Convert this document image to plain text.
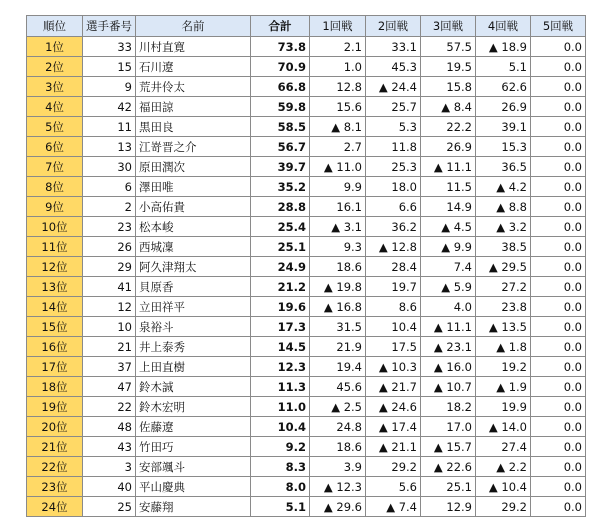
順位	選手番号	名前	合計	1回戦	2回戦	3回戦	4回戦	5回戦
1位	33	川村直寛	73.8	2.1	33.1	57.5	▲ 18.9	0.0
2位	15	石川遼	70.9	1.0	45.3	19.5	5.1	0.0
3位	9	荒井伶太	66.8	12.8	▲ 24.4	15.8	62.6	0.0
4位	42	福田諒	59.8	15.6	25.7	▲ 8.4	26.9	0.0
5位	11	黒田良	58.5	▲ 8.1	5.3	22.2	39.1	0.0
6位	13	江嵜晋之介	56.7	2.7	11.8	26.9	15.3	0.0
7位	30	原田潤次	39.7	▲ 11.0	25.3	▲ 11.1	36.5	0.0
8位	6	澤田唯	35.2	9.9	18.0	11.5	▲ 4.2	0.0
9位	2	小高佑貴	28.8	16.1	6.6	14.9	▲ 8.8	0.0
10位	23	松本峻	25.4	▲ 3.1	36.2	▲ 4.5	▲ 3.2	0.0
11位	26	西城凜	25.1	9.3	▲ 12.8	▲ 9.9	38.5	0.0
12位	29	阿久津翔太	24.9	18.6	28.4	7.4	▲ 29.5	0.0
13位	41	貝原香	21.2	▲ 19.8	19.7	▲ 5.9	27.2	0.0
14位	12	立田祥平	19.6	▲ 16.8	8.6	4.0	23.8	0.0
15位	10	泉裕斗	17.3	31.5	10.4	▲ 11.1	▲ 13.5	0.0
16位	21	井上泰秀	14.5	21.9	17.5	▲ 23.1	▲ 1.8	0.0
17位	37	上田直樹	12.3	19.4	▲ 10.3	▲ 16.0	19.2	0.0
18位	47	鈴木誠	11.3	45.6	▲ 21.7	▲ 10.7	▲ 1.9	0.0
19位	22	鈴木宏明	11.0	▲ 2.5	▲ 24.6	18.2	19.9	0.0
20位	48	佐藤遼	10.4	24.8	▲ 17.4	17.0	▲ 14.0	0.0
21位	43	竹田巧	9.2	18.6	▲ 21.1	▲ 15.7	27.4	0.0
22位	3	安部颯斗	8.3	3.9	29.2	▲ 22.6	▲ 2.2	0.0
23位	40	平山慶典	8.0	▲ 12.3	5.6	25.1	▲ 10.4	0.0
24位	25	安藤翔	5.1	▲ 29.6	▲ 7.4	12.9	29.2	0.0
